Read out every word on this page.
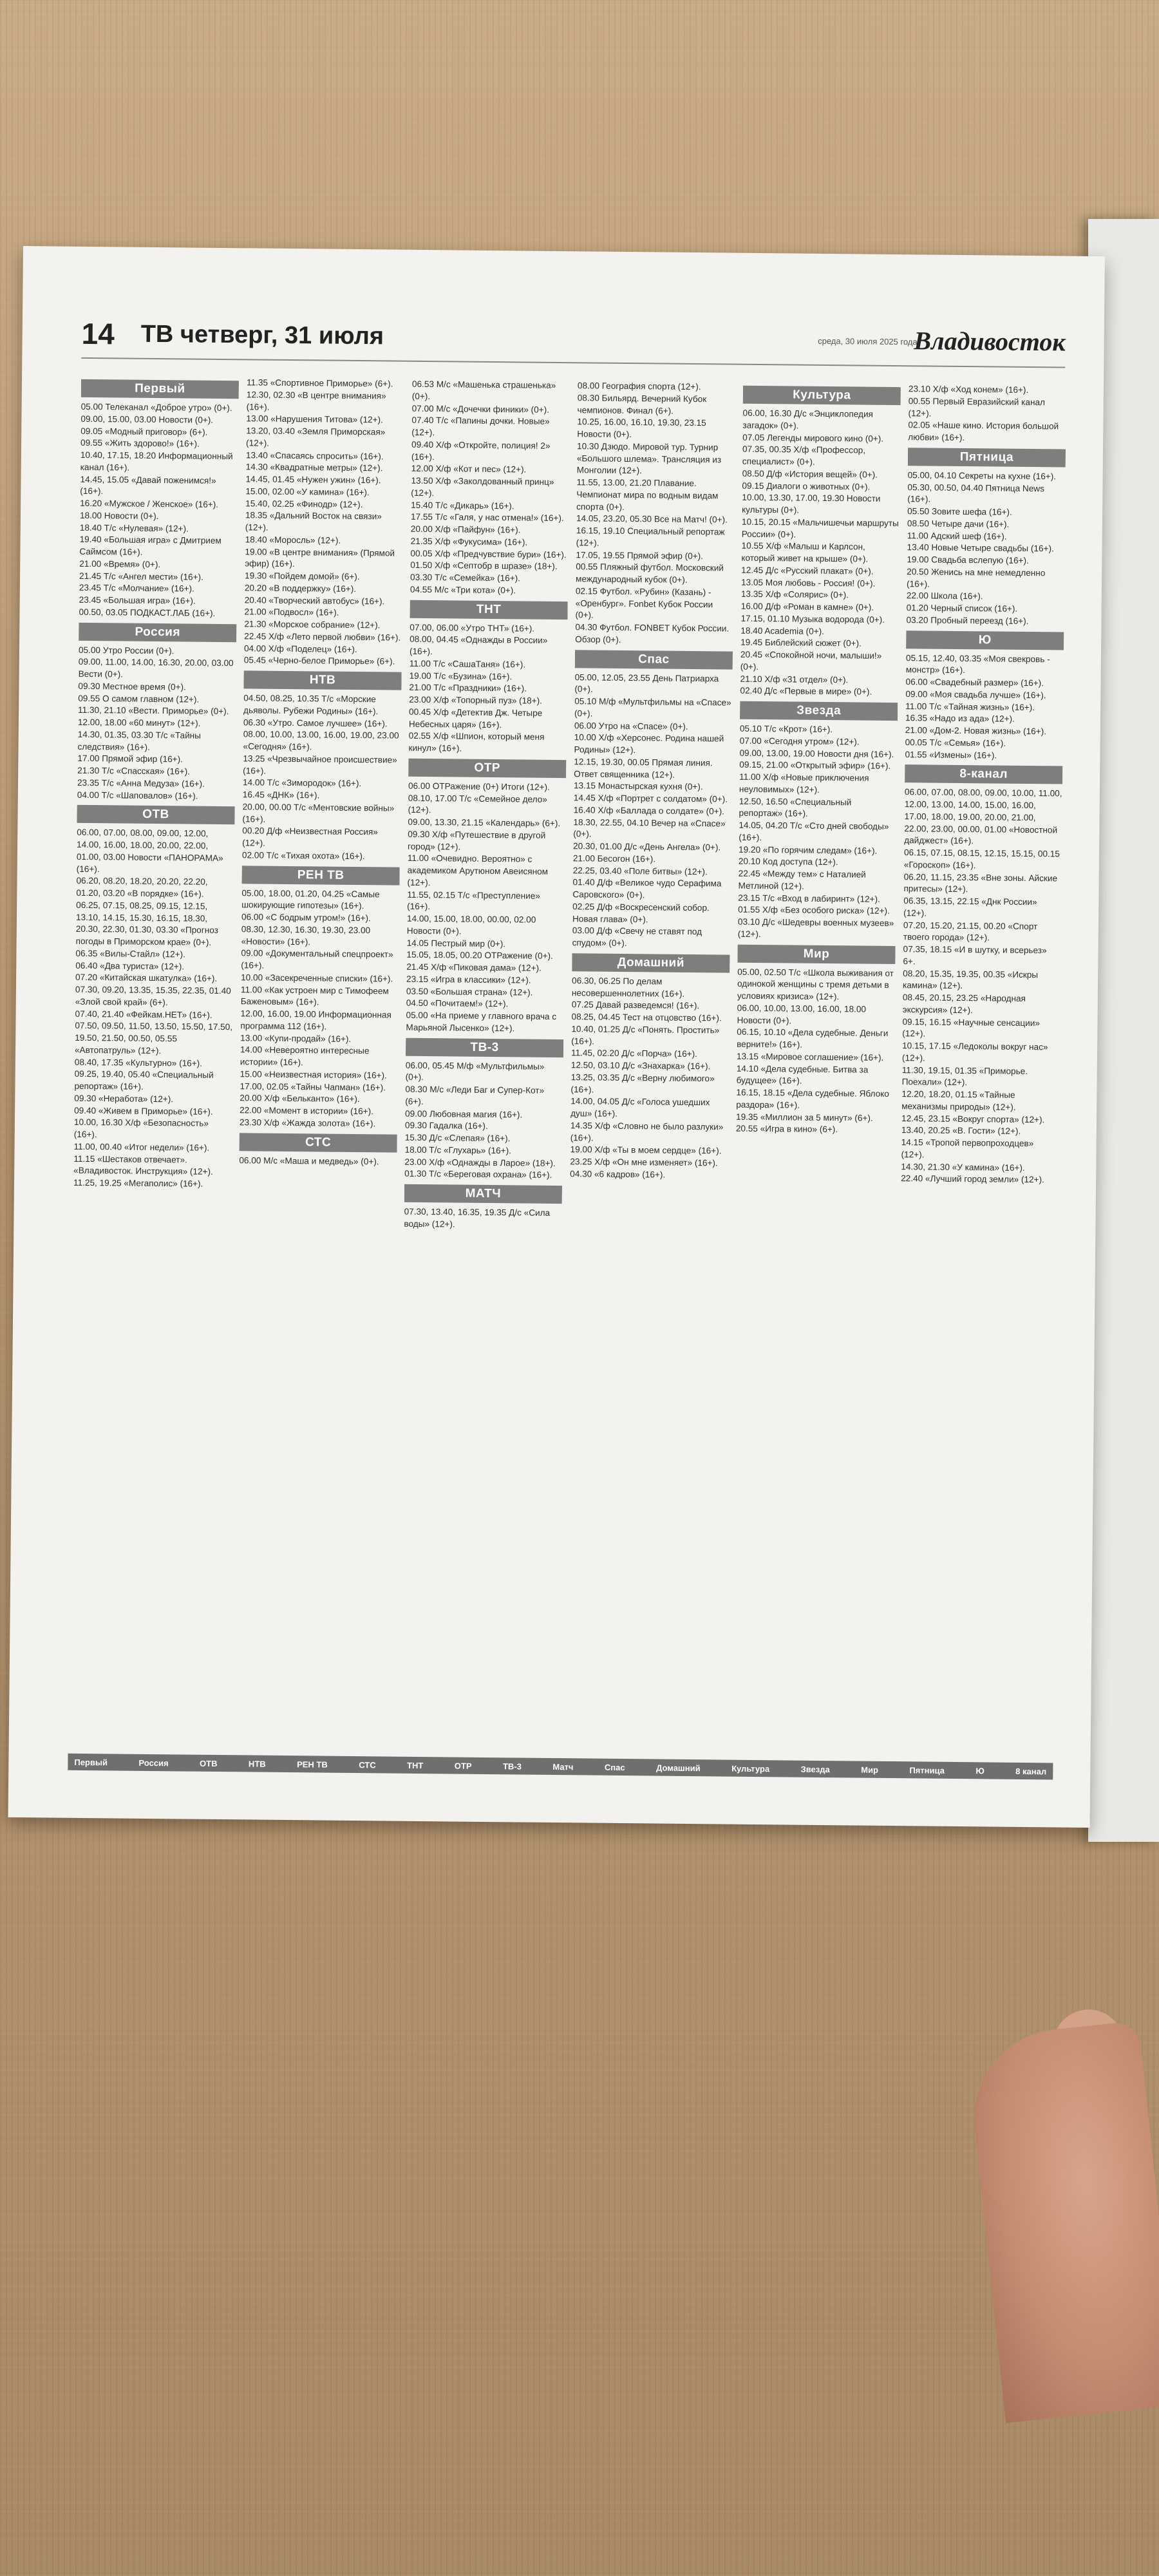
14 ТВ четверг, 31 июля	среда, 30 июля 2025 года
Владивосток
Первый
05.00 Телеканал «Доброе утро» (0+).
09.00, 15.00, 03.00 Новости (0+).
09.05 «Модный приговор» (6+).
09.55 «Жить здорово!» (16+).
10.40, 17.15, 18.20 Информационный канал (16+).
14.45, 15.05 «Давай поженимся!» (16+).
16.20 «Мужское / Женское» (16+).
18.00 Новости (0+).
18.40 Т/с «Нулевая» (12+).
19.40 «Большая игра» с Дмитрием Саймсом (16+).
21.00 «Время» (0+).
21.45 Т/с «Ангел мести» (16+).
23.45 Т/с «Молчание» (16+).
23.45 «Большая игра» (16+).
00.50, 03.05 ПОДКАСТ.ЛАБ (16+).
Россия
05.00 Утро России (0+).
09.00, 11.00, 14.00, 16.30, 20.00, 03.00 Вести (0+).
09.30 Местное время (0+).
09.55 О самом главном (12+).
11.30, 21.10 «Вести. Приморье» (0+).
12.00, 18.00 «60 минут» (12+).
14.30, 01.35, 03.30 Т/с «Тайны следствия» (16+).
17.00 Прямой эфир (16+).
21.30 Т/с «Спасская» (16+).
23.35 Т/с «Анна Медуза» (16+).
04.00 Т/с «Шаповалов» (16+).
ОТВ
06.00, 07.00, 08.00, 09.00, 12.00, 14.00, 16.00, 18.00, 20.00, 22.00, 01.00, 03.00 Новости «ПАНОРАМА» (16+).
06.20, 08.20, 18.20, 20.20, 22.20, 01.20, 03.20 «В порядке» (16+).
06.25, 07.15, 08.25, 09.15, 12.15, 13.10, 14.15, 15.30, 16.15, 18.30, 20.30, 22.30, 01.30, 03.30 «Прогноз погоды в Приморском крае» (0+).
06.35 «Вилы-Стайл» (12+).
06.40 «Два туриста» (12+).
07.20 «Китайская шкатулка» (16+).
07.30, 09.20, 13.35, 15.35, 22.35, 01.40 «Злой свой край» (6+).
07.40, 21.40 «Фейкам.НЕТ» (16+).
07.50, 09.50, 11.50, 13.50, 15.50, 17.50, 19.50, 21.50, 00.50, 05.55 «Автопатруль» (12+).
08.40, 17.35 «Культурно» (16+).
09.25, 19.40, 05.40 «Специальный репортаж» (16+).
09.30 «Неработа» (12+).
09.40 «Живем в Приморье» (16+).
10.00, 16.30 Х/ф «Безопасность» (16+).
11.00, 00.40 «Итог недели» (16+).
11.15 «Шестаков отвечает». «Владивосток. Инструкция» (12+).
11.25, 19.25 «Мегаполис» (16+).
11.35 «Спортивное Приморье» (6+).
12.30, 02.30 «В центре внимания» (16+).
13.00 «Нарушения Титова» (12+).
13.20, 03.40 «Земля Приморская» (12+).
13.40 «Спасаясь спросить» (16+).
14.30 «Квадратные метры» (12+).
14.45, 01.45 «Нужен ужин» (16+).
15.00, 02.00 «У камина» (16+).
15.40, 02.25 «Финодр» (12+).
18.35 «Дальний Восток на связи» (12+).
18.40 «Моросль» (12+).
19.00 «В центре внимания» (Прямой эфир) (16+).
19.30 «Пойдем домой» (6+).
20.20 «В поддержку» (16+).
20.40 «Творческий автобус» (16+).
21.00 «Подвосл» (16+).
21.30 «Морское собрание» (12+).
22.45 Х/ф «Лето первой любви» (16+).
04.00 Х/ф «Поделец» (16+).
05.45 «Черно-белое Приморье» (6+).
НТВ
04.50, 08.25, 10.35 Т/с «Морские дьяволы. Рубежи Родины» (16+).
06.30 «Утро. Самое лучшее» (16+).
08.00, 10.00, 13.00, 16.00, 19.00, 23.00 «Сегодня» (16+).
13.25 «Чрезвычайное происшествие» (16+).
14.00 Т/с «Зимородок» (16+).
16.45 «ДНК» (16+).
20.00, 00.00 Т/с «Ментовские войны» (16+).
00.20 Д/ф «Неизвестная Россия» (12+).
02.00 Т/с «Тихая охота» (16+).
РЕН ТВ
05.00, 18.00, 01.20, 04.25 «Самые шокирующие гипотезы» (16+).
06.00 «С бодрым утром!» (16+).
08.30, 12.30, 16.30, 19.30, 23.00 «Новости» (16+).
09.00 «Документальный спецпроект» (16+).
10.00 «Засекреченные списки» (16+).
11.00 «Как устроен мир с Тимофеем Баженовым» (16+).
12.00, 16.00, 19.00 Информационная программа 112 (16+).
13.00 «Купи-продай» (16+).
14.00 «Невероятно интересные истории» (16+).
15.00 «Неизвестная история» (16+).
17.00, 02.05 «Тайны Чапман» (16+).
20.00 Х/ф «Бельканто» (16+).
22.00 «Момент в истории» (16+).
23.30 Х/ф «Жажда золота» (16+).
СТС
06.00 М/с «Маша и медведь» (0+).
06.53 М/с «Машенька страшенька» (0+).
07.00 М/с «Дочечки финики» (0+).
07.40 Т/с «Папины дочки. Новые» (12+).
09.40 Х/ф «Откройте, полиция! 2» (16+).
12.00 Х/ф «Кот и пес» (12+).
13.50 Х/ф «Заколдованный принц» (12+).
15.40 Т/с «Дикарь» (16+).
17.55 Т/с «Галя, у нас отмена!» (16+).
20.00 Х/ф «Пайфун» (16+).
21.35 Х/ф «Фукусима» (16+).
00.05 Х/ф «Предчувствие бури» (16+).
01.50 Х/ф «Септобр в шразе» (18+).
03.30 Т/с «Семейка» (16+).
04.55 М/с «Три кота» (0+).
ТНТ
07.00, 06.00 «Утро ТНТ» (16+).
08.00, 04.45 «Однажды в России» (16+).
11.00 Т/с «СашаТаня» (16+).
19.00 Т/с «Бузина» (16+).
21.00 Т/с «Праздники» (16+).
23.00 Х/ф «Топорный пуз» (18+).
00.45 Х/ф «Детектив Дж. Четыре Небесных царя» (16+).
02.55 Х/ф «Шпион, который меня кинул» (16+).
ОТР
06.00 ОТРажение (0+) Итоги (12+).
08.10, 17.00 Т/с «Семейное дело» (12+).
09.00, 13.30, 21.15 «Календарь» (6+).
09.30 Х/ф «Путешествие в другой город» (12+).
11.00 «Очевидно. Вероятно» с академиком Арутюном Авеисяном (12+).
11.55, 02.15 Т/с «Преступление» (16+).
14.00, 15.00, 18.00, 00.00, 02.00 Новости (0+).
14.05 Пестрый мир (0+).
15.05, 18.05, 00.20 ОТРажение (0+).
21.45 Х/ф «Пиковая дама» (12+).
23.15 «Игра в классики» (12+).
03.50 «Большая страна» (12+).
04.50 «Почитаем!» (12+).
05.00 «На приеме у главного врача с Марьяной Лысенко» (12+).
ТВ-3
06.00, 05.45 М/ф «Мультфильмы» (0+).
08.30 М/с «Леди Баг и Супер-Кот» (6+).
09.00 Любовная магия (16+).
09.30 Гадалка (16+).
15.30 Д/с «Слепая» (16+).
18.00 Т/с «Глухарь» (16+).
23.00 Х/ф «Однажды в Ларое» (18+).
01.30 Т/с «Береговая охрана» (16+).
МАТЧ
07.30, 13.40, 16.35, 19.35 Д/с «Сила воды» (12+).
08.00 География спорта (12+).
08.30 Бильярд. Вечерний Кубок чемпионов. Финал (6+).
10.25, 16.00, 16.10, 19.30, 23.15 Новости (0+).
10.30 Дзюдо. Мировой тур. Турнир «Большого шлема». Трансляция из Монголии (12+).
11.55, 13.00, 21.20 Плавание. Чемпионат мира по водным видам спорта (0+).
14.05, 23.20, 05.30 Все на Матч! (0+).
16.15, 19.10 Специальный репортаж (12+).
17.05, 19.55 Прямой эфир (0+).
00.55 Пляжный футбол. Московский международный кубок (0+).
02.15 Футбол. «Рубин» (Казань) - «Оренбург». Fonbet Кубок России (0+).
04.30 Футбол. FONBET Кубок России. Обзор (0+).
Спас
05.00, 12.05, 23.55 День Патриарха (0+).
05.10 М/ф «Мультфильмы на «Спасе» (0+).
06.00 Утро на «Спасе» (0+).
10.00 Х/ф «Херсонес. Родина нашей Родины» (12+).
12.15, 19.30, 00.05 Прямая линия. Ответ священника (12+).
13.15 Монастырская кухня (0+).
14.45 Х/ф «Портрет с солдатом» (0+).
16.40 Х/ф «Баллада о солдате» (0+).
18.30, 22.55, 04.10 Вечер на «Спасе» (0+).
20.30, 01.00 Д/с «День Ангела» (0+).
21.00 Бесогон (16+).
22.25, 03.40 «Поле битвы» (12+).
01.40 Д/ф «Великое чудо Серафима Саровского» (0+).
02.25 Д/ф «Воскресенский собор. Новая глава» (0+).
03.00 Д/ф «Свечу не ставят под спудом» (0+).
Домашний
06.30, 06.25 По делам несовершеннолетних (16+).
07.25 Давай разведемся! (16+).
08.25, 04.45 Тест на отцовство (16+).
10.40, 01.25 Д/с «Понять. Простить» (16+).
11.45, 02.20 Д/с «Порча» (16+).
12.50, 03.10 Д/с «Знахарка» (16+).
13.25, 03.35 Д/с «Верну любимого» (16+).
14.00, 04.05 Д/с «Голоса ушедших душ» (16+).
14.35 Х/ф «Словно не было разлуки» (16+).
19.00 Х/ф «Ты в моем сердце» (16+).
23.25 Х/ф «Он мне изменяет» (16+).
04.30 «6 кадров» (16+).
Культура
06.00, 16.30 Д/с «Энциклопедия загадок» (0+).
07.05 Легенды мирового кино (0+).
07.35, 00.35 Х/ф «Профессор, специалист» (0+).
08.50 Д/ф «История вещей» (0+).
09.15 Диалоги о животных (0+).
10.00, 13.30, 17.00, 19.30 Новости культуры (0+).
10.15, 20.15 «Мальчишечьи маршруты России» (0+).
10.55 Х/ф «Малыш и Карлсон, который живет на крыше» (0+).
12.45 Д/с «Русский плакат» (0+).
13.05 Моя любовь - Россия! (0+).
13.35 Х/ф «Солярис» (0+).
16.00 Д/ф «Роман в камне» (0+).
17.15, 01.10 Музыка водорода (0+).
18.40 Academia (0+).
19.45 Библейский сюжет (0+).
20.45 «Спокойной ночи, малыши!» (0+).
21.10 Х/ф «31 отдел» (0+).
02.40 Д/с «Первые в мире» (0+).
Звезда
05.10 Т/с «Крот» (16+).
07.00 «Сегодня утром» (12+).
09.00, 13.00, 19.00 Новости дня (16+).
09.15, 21.00 «Открытый эфир» (16+).
11.00 Х/ф «Новые приключения неуловимых» (12+).
12.50, 16.50 «Специальный репортаж» (16+).
14.05, 04.20 Т/с «Сто дней свободы» (16+).
19.20 «По горячим следам» (16+).
20.10 Код доступа (12+).
22.45 «Между тем» с Наталией Метлиной (12+).
23.15 Т/с «Вход в лабиринт» (12+).
01.55 Х/ф «Без особого риска» (12+).
03.10 Д/с «Шедевры военных музеев» (12+).
Мир
05.00, 02.50 Т/с «Школа выживания от одинокой женщины с тремя детьми в условиях кризиса» (12+).
06.00, 10.00, 13.00, 16.00, 18.00 Новости (0+).
06.15, 10.10 «Дела судебные. Деньги верните!» (16+).
13.15 «Мировое соглашение» (16+).
14.10 «Дела судебные. Битва за будущее» (16+).
16.15, 18.15 «Дела судебные. Яблоко раздора» (16+).
19.35 «Миллион за 5 минут» (6+).
20.55 «Игра в кино» (6+).
23.10 Х/ф «Ход конем» (16+).
00.55 Первый Евразийский канал (12+).
02.05 «Наше кино. История большой любви» (16+).
Пятница
05.00, 04.10 Секреты на кухне (16+).
05.30, 00.50, 04.40 Пятница News (16+).
05.50 Зовите шефа (16+).
08.50 Четыре дачи (16+).
11.00 Адский шеф (16+).
13.40 Новые Четыре свадьбы (16+).
19.00 Свадьба вслепую (16+).
20.50 Женись на мне немедленно (16+).
22.00 Школа (16+).
01.20 Черный список (16+).
03.20 Пробный переезд (16+).
Ю
05.15, 12.40, 03.35 «Моя свекровь - монстр» (16+).
06.00 «Свадебный размер» (16+).
09.00 «Моя свадьба лучше» (16+).
11.00 Т/с «Тайная жизнь» (16+).
16.35 «Надо из ада» (12+).
21.00 «Дом-2. Новая жизнь» (16+).
00.05 Т/с «Семья» (16+).
01.55 «Измены» (16+).
8-канал
06.00, 07.00, 08.00, 09.00, 10.00, 11.00, 12.00, 13.00, 14.00, 15.00, 16.00, 17.00, 18.00, 19.00, 20.00, 21.00, 22.00, 23.00, 00.00, 01.00 «Новостной дайджест» (16+).
06.15, 07.15, 08.15, 12.15, 15.15, 00.15 «Гороскоп» (16+).
06.20, 11.15, 23.35 «Вне зоны. Айские притесы» (12+).
06.35, 13.15, 22.15 «Днк России» (12+).
07.20, 15.20, 21.15, 00.20 «Спорт твоего города» (12+).
07.35, 18.15 «И в шутку, и всерьез» 6+.
08.20, 15.35, 19.35, 00.35 «Искры камина» (12+).
08.45, 20.15, 23.25 «Народная экскурсия» (12+).
09.15, 16.15 «Научные сенсации» (12+).
10.15, 17.15 «Ледоколы вокруг нас» (12+).
11.30, 19.15, 01.35 «Приморье. Поехали» (12+).
12.20, 18.20, 01.15 «Тайные механизмы природы» (12+).
12.45, 23.15 «Вокруг спорта» (12+).
13.40, 20.25 «В. Гости» (12+).
14.15 «Тропой первопроходцев» (12+).
14.30, 21.30 «У камина» (16+).
22.40 «Лучший город земли» (12+).
Первый	Россия	ОТВ	НТВ	РЕН ТВ	СТС	ТНТ	ОТР	ТВ-3	Матч	Спас	Домашний	Культура	Звезда	Мир	Пятница	Ю	8 канал
